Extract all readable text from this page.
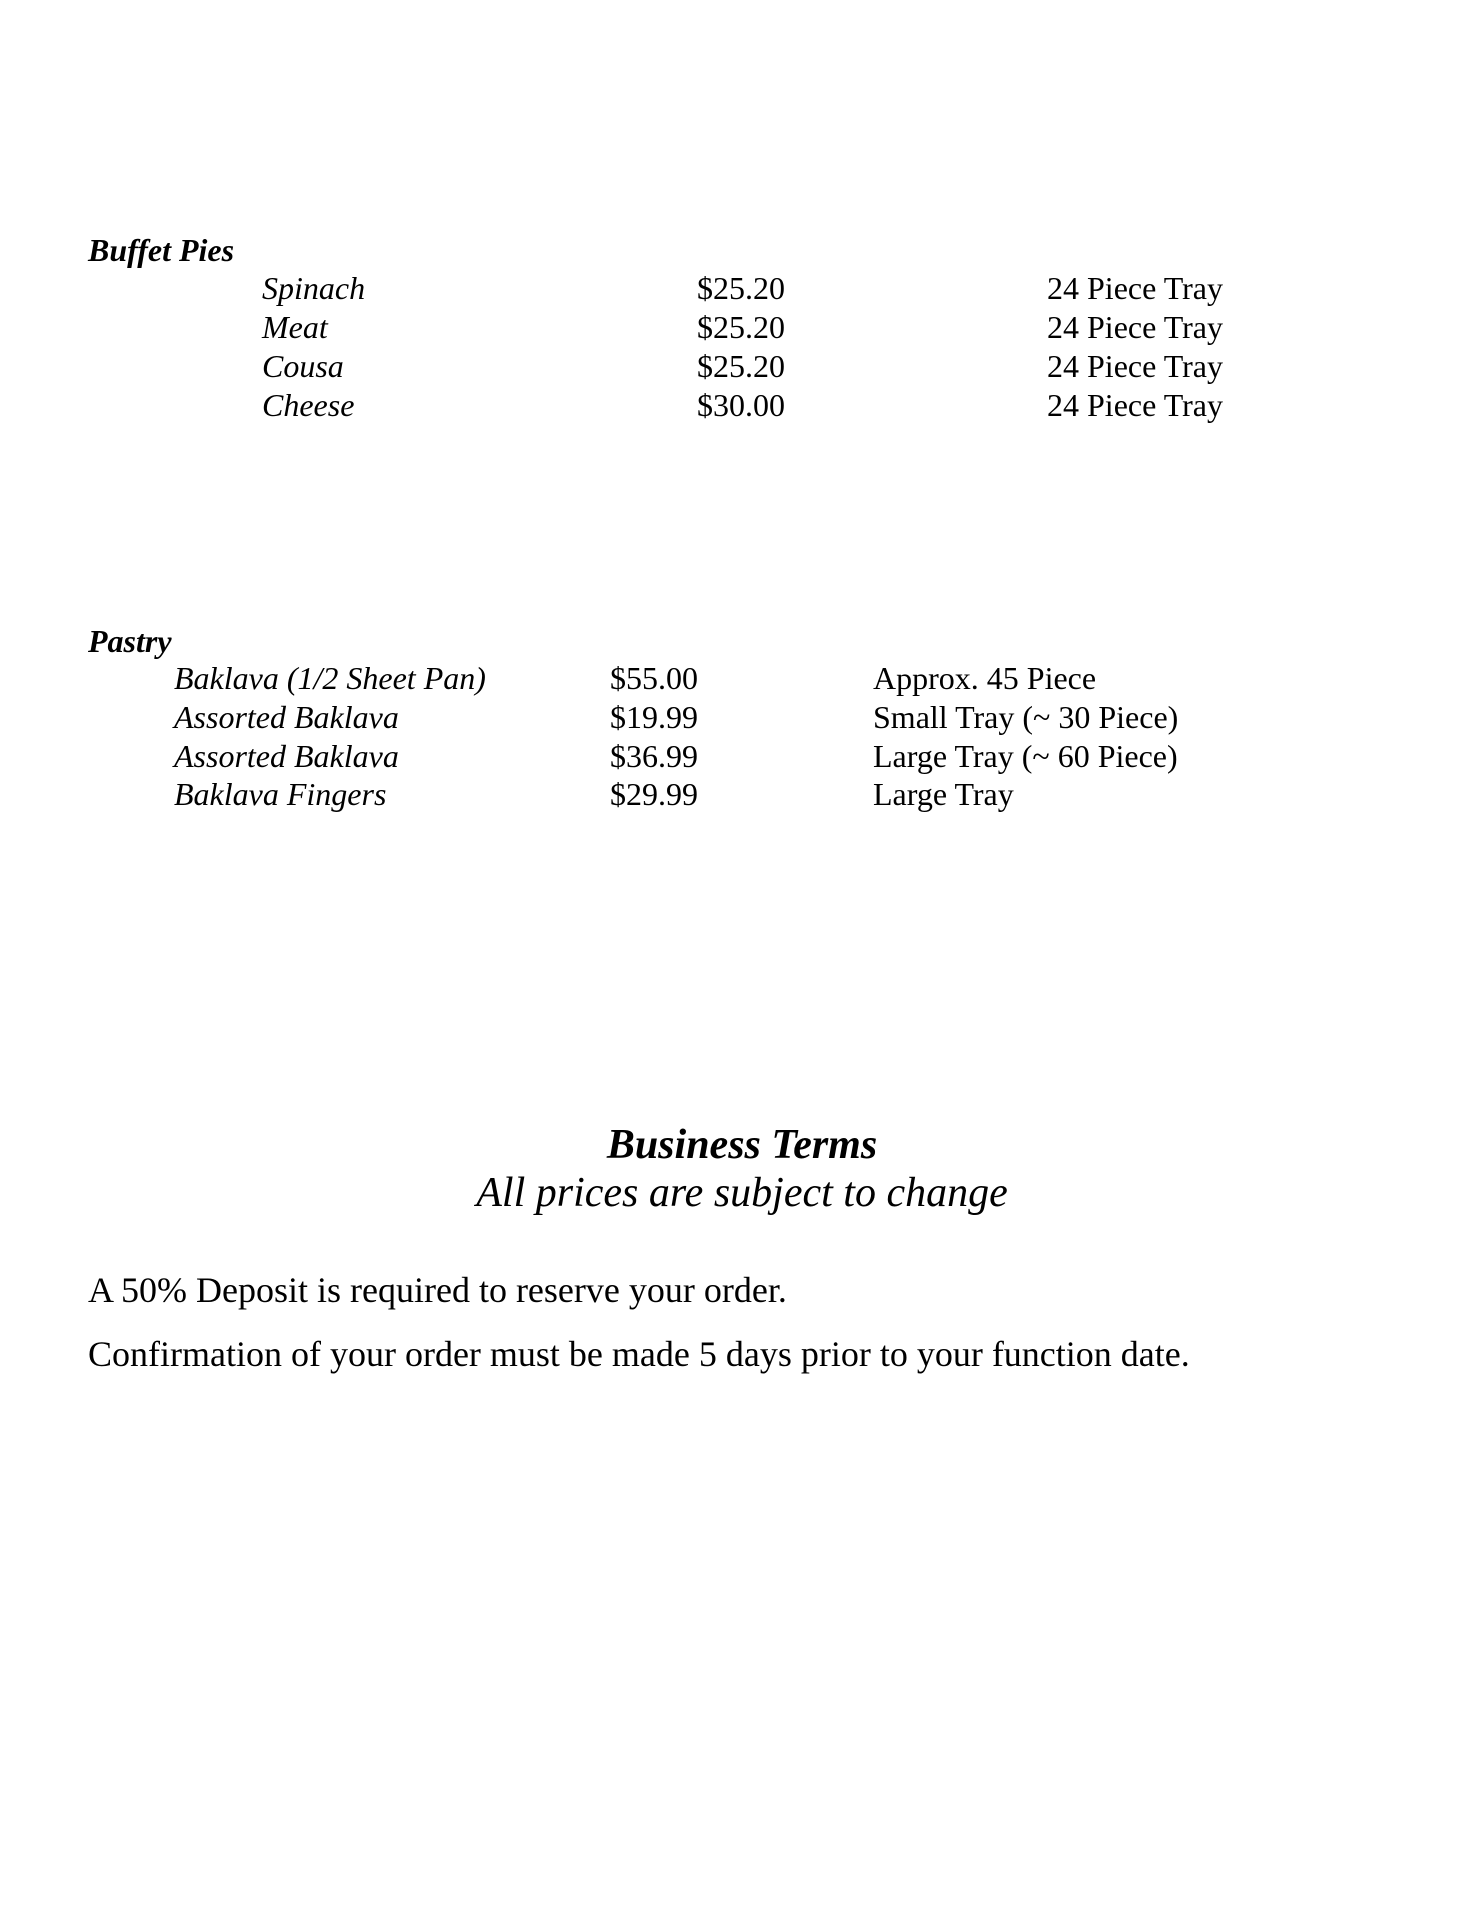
Buffet Pies
Spinach	$25.20	24 Piece Tray
Meat	$25.20	24 Piece Tray
Cousa	$25.20	24 Piece Tray
Cheese	$30.00	24 Piece Tray
Pastry
Baklava (1/2 Sheet Pan)	$55.00	Approx. 45 Piece
Assorted Baklava	$19.99	Small Tray (~ 30 Piece)
Assorted Baklava	$36.99	Large Tray (~ 60 Piece)
Baklava Fingers	$29.99	Large Tray
Business Terms
All prices are subject to change
A 50% Deposit is required to reserve your order.
Confirmation of your order must be made 5 days prior to your function date.
